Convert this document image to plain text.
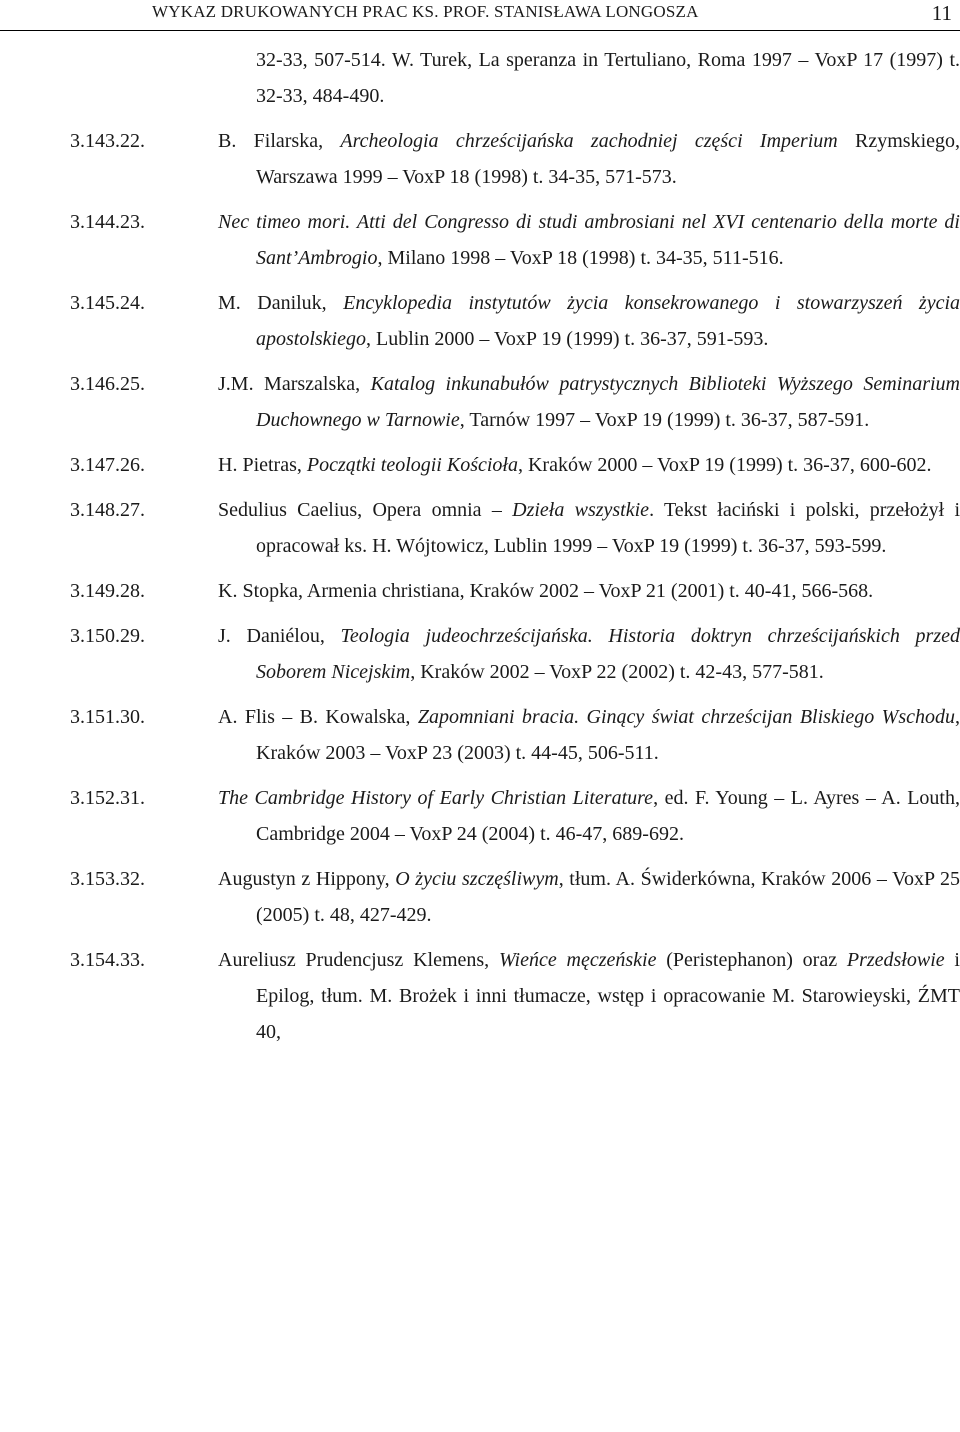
WYKAZ DRUKOWANYCH PRAC KS. PROF. STANISŁAWA LONGOSZA	11
32-33, 507-514. W. Turek, La speranza in Tertuliano, Roma 1997 – VoxP 17 (1997) t. 32-33, 484-490.
3.143.22.	B. Filarska, Archeologia chrześcijańska zachodniej części Imperium Rzymskiego, Warszawa 1999 – VoxP 18 (1998) t. 34-35, 571-573.
3.144.23.	Nec timeo mori. Atti del Congresso di studi ambrosiani nel XVI centenario della morte di Sant’Ambrogio, Milano 1998 – VoxP 18 (1998) t. 34-35, 511-516.
3.145.24.	M. Daniluk, Encyklopedia instytutów życia konsekrowanego i stowarzyszeń życia apostolskiego, Lublin 2000 – VoxP 19 (1999) t. 36-37, 591-593.
3.146.25.	J.M. Marszalska, Katalog inkunabułów patrystycznych Biblioteki Wyższego Seminarium Duchownego w Tarnowie, Tarnów 1997 – VoxP 19 (1999) t. 36-37, 587-591.
3.147.26.	H. Pietras, Początki teologii Kościoła, Kraków 2000 – VoxP 19 (1999) t. 36-37, 600-602.
3.148.27.	Sedulius Caelius, Opera omnia – Dzieła wszystkie. Tekst łaciński i polski, przełożył i opracował ks. H. Wójtowicz, Lublin 1999 – VoxP 19 (1999) t. 36-37, 593-599.
3.149.28.	K. Stopka, Armenia christiana, Kraków 2002 – VoxP 21 (2001) t. 40-41, 566-568.
3.150.29.	J. Daniélou, Teologia judeochrześcijańska. Historia doktryn chrześcijańskich przed Soborem Nicejskim, Kraków 2002 – VoxP 22 (2002) t. 42-43, 577-581.
3.151.30.	A. Flis – B. Kowalska, Zapomniani bracia. Ginący świat chrześcijan Bliskiego Wschodu, Kraków 2003 – VoxP 23 (2003) t. 44-45, 506-511.
3.152.31.	The Cambridge History of Early Christian Literature, ed. F. Young – L. Ayres – A. Louth, Cambridge 2004 – VoxP 24 (2004) t. 46-47, 689-692.
3.153.32.	Augustyn z Hippony, O życiu szczęśliwym, tłum. A. Świderkówna, Kraków 2006 – VoxP 25 (2005) t. 48, 427-429.
3.154.33.	Aureliusz Prudencjusz Klemens, Wieńce męczeńskie (Peristephanon) oraz Przedsłowie i Epilog, tłum. M. Brożek i inni tłumacze, wstęp i opracowanie M. Starowieyski, ŹMT 40,
